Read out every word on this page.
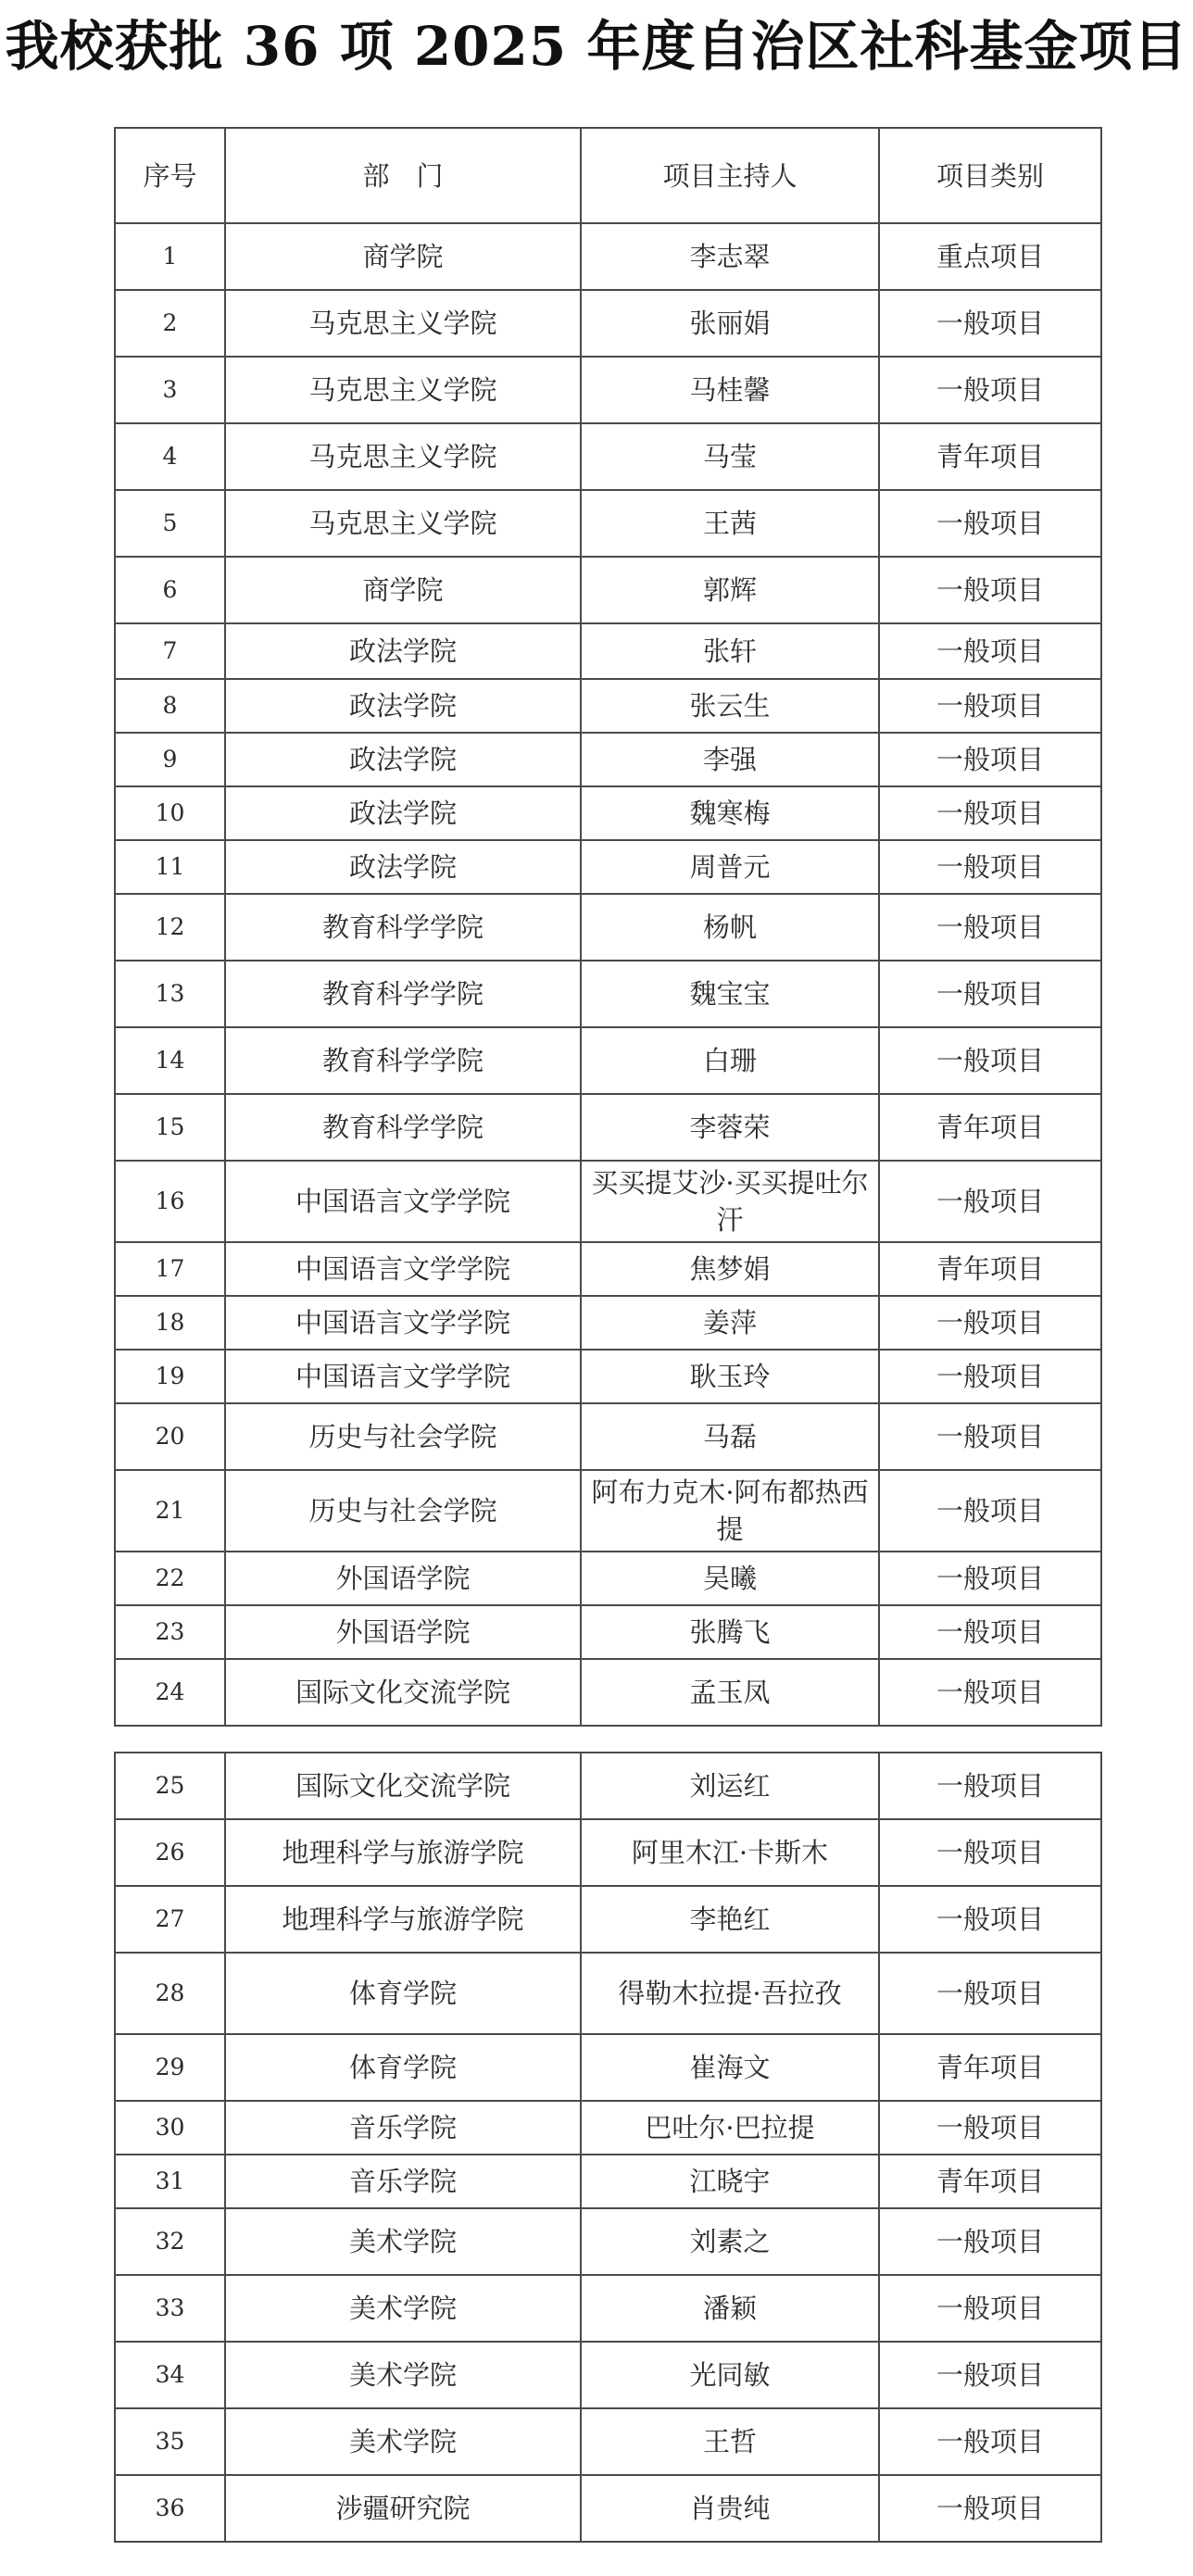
我校获批 36 项 2025 年度自治区社科基金项目
序号	部　门	项目主持人	项目类别
1	商学院	李志翠	重点项目
2	马克思主义学院	张丽娟	一般项目
3	马克思主义学院	马桂馨	一般项目
4	马克思主义学院	马莹	青年项目
5	马克思主义学院	王茜	一般项目
6	商学院	郭辉	一般项目
7	政法学院	张轩	一般项目
8	政法学院	张云生	一般项目
9	政法学院	李强	一般项目
10	政法学院	魏寒梅	一般项目
11	政法学院	周普元	一般项目
12	教育科学学院	杨帆	一般项目
13	教育科学学院	魏宝宝	一般项目
14	教育科学学院	白珊	一般项目
15	教育科学学院	李蓉荣	青年项目
16	中国语言文学学院	买买提艾沙·买买提吐尔汗	一般项目
17	中国语言文学学院	焦梦娟	青年项目
18	中国语言文学学院	姜萍	一般项目
19	中国语言文学学院	耿玉玲	一般项目
20	历史与社会学院	马磊	一般项目
21	历史与社会学院	阿布力克木·阿布都热西提	一般项目
22	外国语学院	吴曦	一般项目
23	外国语学院	张腾飞	一般项目
24	国际文化交流学院	孟玉凤	一般项目
25	国际文化交流学院	刘运红	一般项目
26	地理科学与旅游学院	阿里木江·卡斯木	一般项目
27	地理科学与旅游学院	李艳红	一般项目
28	体育学院	得勒木拉提·吾拉孜	一般项目
29	体育学院	崔海文	青年项目
30	音乐学院	巴吐尔·巴拉提	一般项目
31	音乐学院	江晓宇	青年项目
32	美术学院	刘素之	一般项目
33	美术学院	潘颖	一般项目
34	美术学院	光同敏	一般项目
35	美术学院	王哲	一般项目
36	涉疆研究院	肖贵纯	一般项目
